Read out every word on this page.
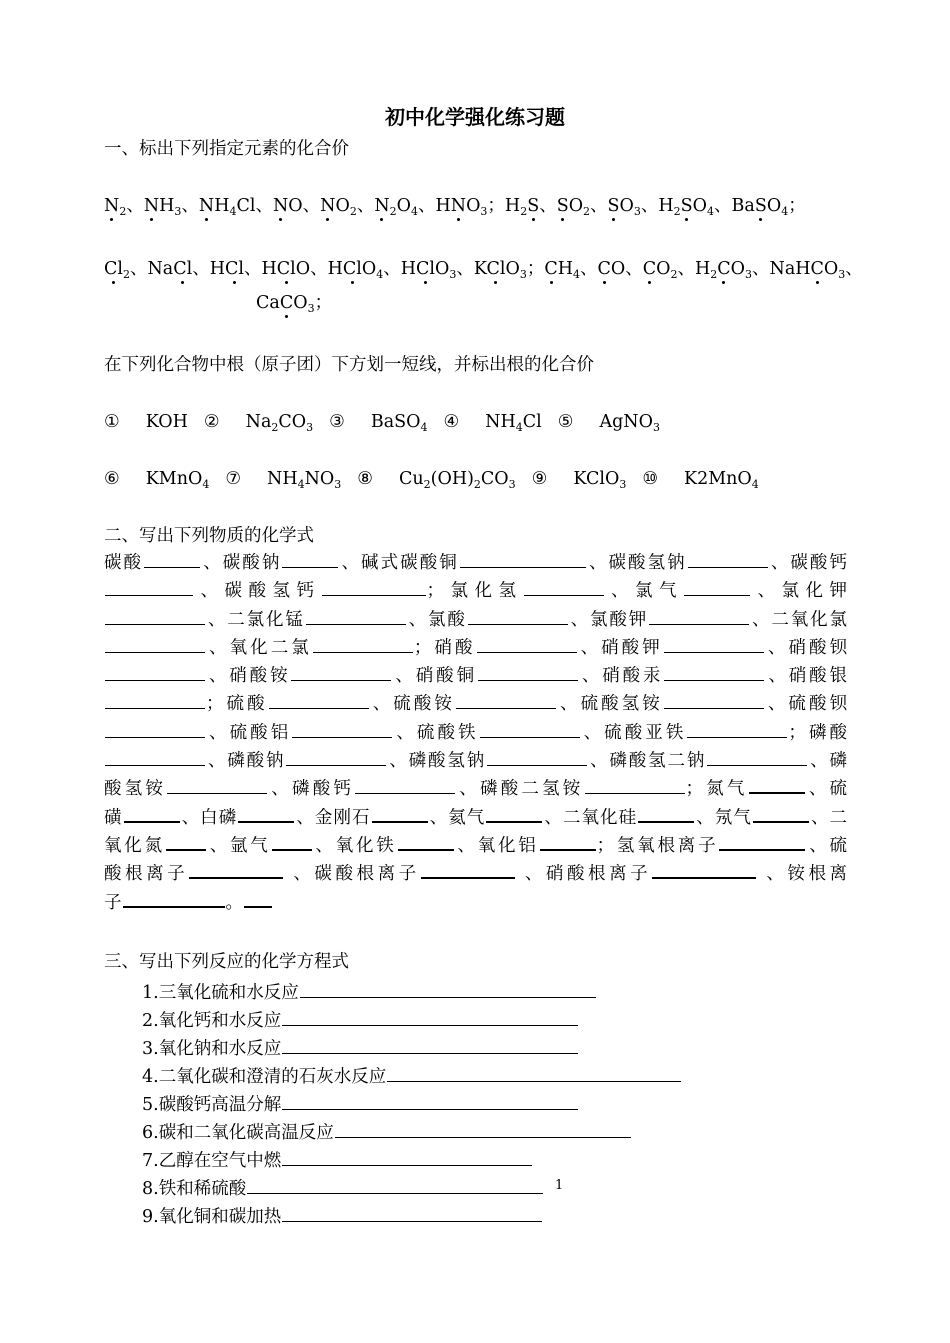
初中化学强化练习题
一、标出下列指定元素的化合价
$N_2$、$NH_3$、$NH_4Cl$、NO、$NO_2$、$N_2O_4$、$HNO_3$；$H_2S$、$SO_2$、$SO_3$、$H_2SO_4$、BaSO$_4$；
$Cl_2$、NaCl、HCl、HClO、HClO$_4$、HClO$_3$、KClO$_3$；$CH_4$、CO、$CO_2$、$H_2CO_3$、NaHCO$_3$、
CaCO$_3$；
在下列化合物中根（原子团）下方划一短线，并标出根的化合价
① KOH ② $Na_2CO_3$ ③ BaSO$_4$ ④ $NH_4Cl$ ⑤ AgNO$_3$
⑥ KMnO$_4$ ⑦ $NH_4NO_3$ ⑧ $Cu_2(OH)_2CO_3$ ⑨ KClO$_3$ ⑩ K2MnO$_4$
二、写出下列物质的化学式
碳酸	、碳酸钠	、碱式碳酸铜	、碳酸氢钠	、碳酸钙
、碳酸氢钙	；氯化氢	、氯气	、氯化钾
、二氯化锰	、氯酸	、氯酸钾	、二氧化氯
、氧化二氯	；硝酸	、硝酸钾	、硝酸钡
、硝酸铵	、硝酸铜	、硝酸汞	、硝酸银
；硫酸	、硫酸铵	、硫酸氢铵	、硫酸钡
、硫酸铝	、硫酸铁	、硫酸亚铁	；磷酸
、磷酸钠	、磷酸氢钠	、磷酸氢二钠	、磷
酸氢铵	、磷酸钙	、磷酸二氢铵	；氮气	、硫
磺	、白磷	、金刚石	、氦气	、二氧化硅	、氖气	、二
氧化氮 、氩气 、氧化铁	、氧化铝	；氢氧根离子	、硫
酸根离子	、碳酸根离子	、硝酸根离子	、铵根离
子	。
三、写出下列反应的化学方程式
1.三氧化硫和水反应
2.氧化钙和水反应
3.氧化钠和水反应
4.二氧化碳和澄清的石灰水反应
5.碳酸钙高温分解
6.碳和二氧化碳高温反应
7.乙醇在空气中燃
8.铁和稀硫酸
9.氧化铜和碳加热
1
